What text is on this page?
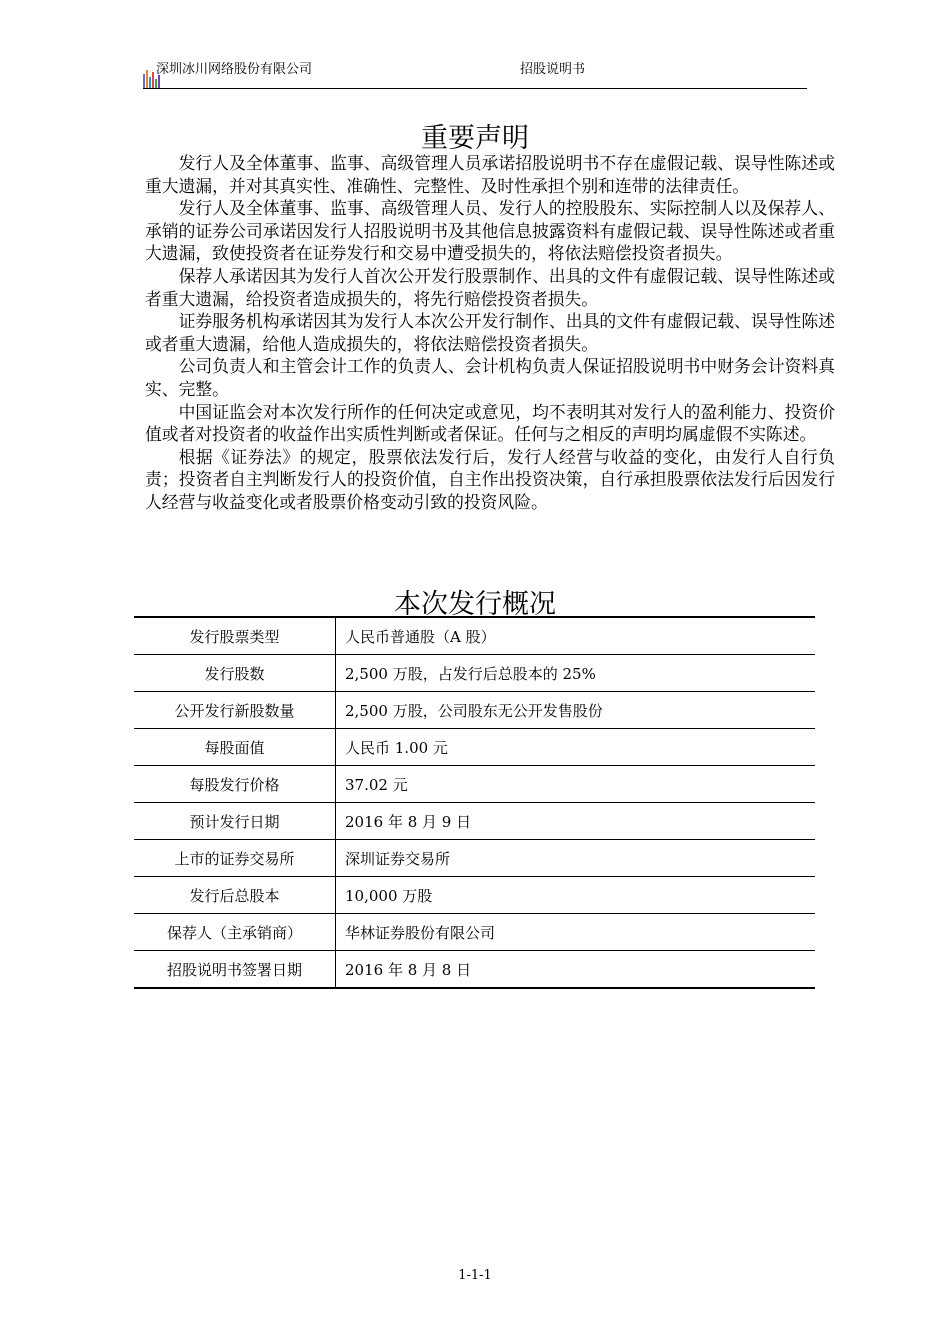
深圳冰川网络股份有限公司	招股说明书
重要声明

发行人及全体董事、监事、高级管理人员承诺招股说明书不存在虚假记载、误导性陈述或重大遗漏，并对其真实性、准确性、完整性、及时性承担个别和连带的法律责任。

发行人及全体董事、监事、高级管理人员、发行人的控股股东、实际控制人以及保荐人、承销的证券公司承诺因发行人招股说明书及其他信息披露资料有虚假记载、误导性陈述或者重大遗漏，致使投资者在证券发行和交易中遭受损失的，将依法赔偿投资者损失。

保荐人承诺因其为发行人首次公开发行股票制作、出具的文件有虚假记载、误导性陈述或者重大遗漏，给投资者造成损失的，将先行赔偿投资者损失。

证券服务机构承诺因其为发行人本次公开发行制作、出具的文件有虚假记载、误导性陈述或者重大遗漏，给他人造成损失的，将依法赔偿投资者损失。

公司负责人和主管会计工作的负责人、会计机构负责人保证招股说明书中财务会计资料真实、完整。

中国证监会对本次发行所作的任何决定或意见，均不表明其对发行人的盈利能力、投资价值或者对投资者的收益作出实质性判断或者保证。任何与之相反的声明均属虚假不实陈述。

根据《证券法》的规定，股票依法发行后，发行人经营与收益的变化，由发行人自行负责；投资者自主判断发行人的投资价值，自主作出投资决策，自行承担股票依法发行后因发行人经营与收益变化或者股票价格变动引致的投资风险。

本次发行概况
发行股票类型	人民币普通股（A 股）
发行股数	2,500 万股，占发行后总股本的 25%
公开发行新股数量	2,500 万股，公司股东无公开发售股份
每股面值	人民币 1.00 元
每股发行价格	37.02 元
预计发行日期	2016 年 8 月 9 日
上市的证券交易所	深圳证券交易所
发行后总股本	10,000 万股
保荐人（主承销商）	华林证券股份有限公司
招股说明书签署日期	2016 年 8 月 8 日
1-1-1
